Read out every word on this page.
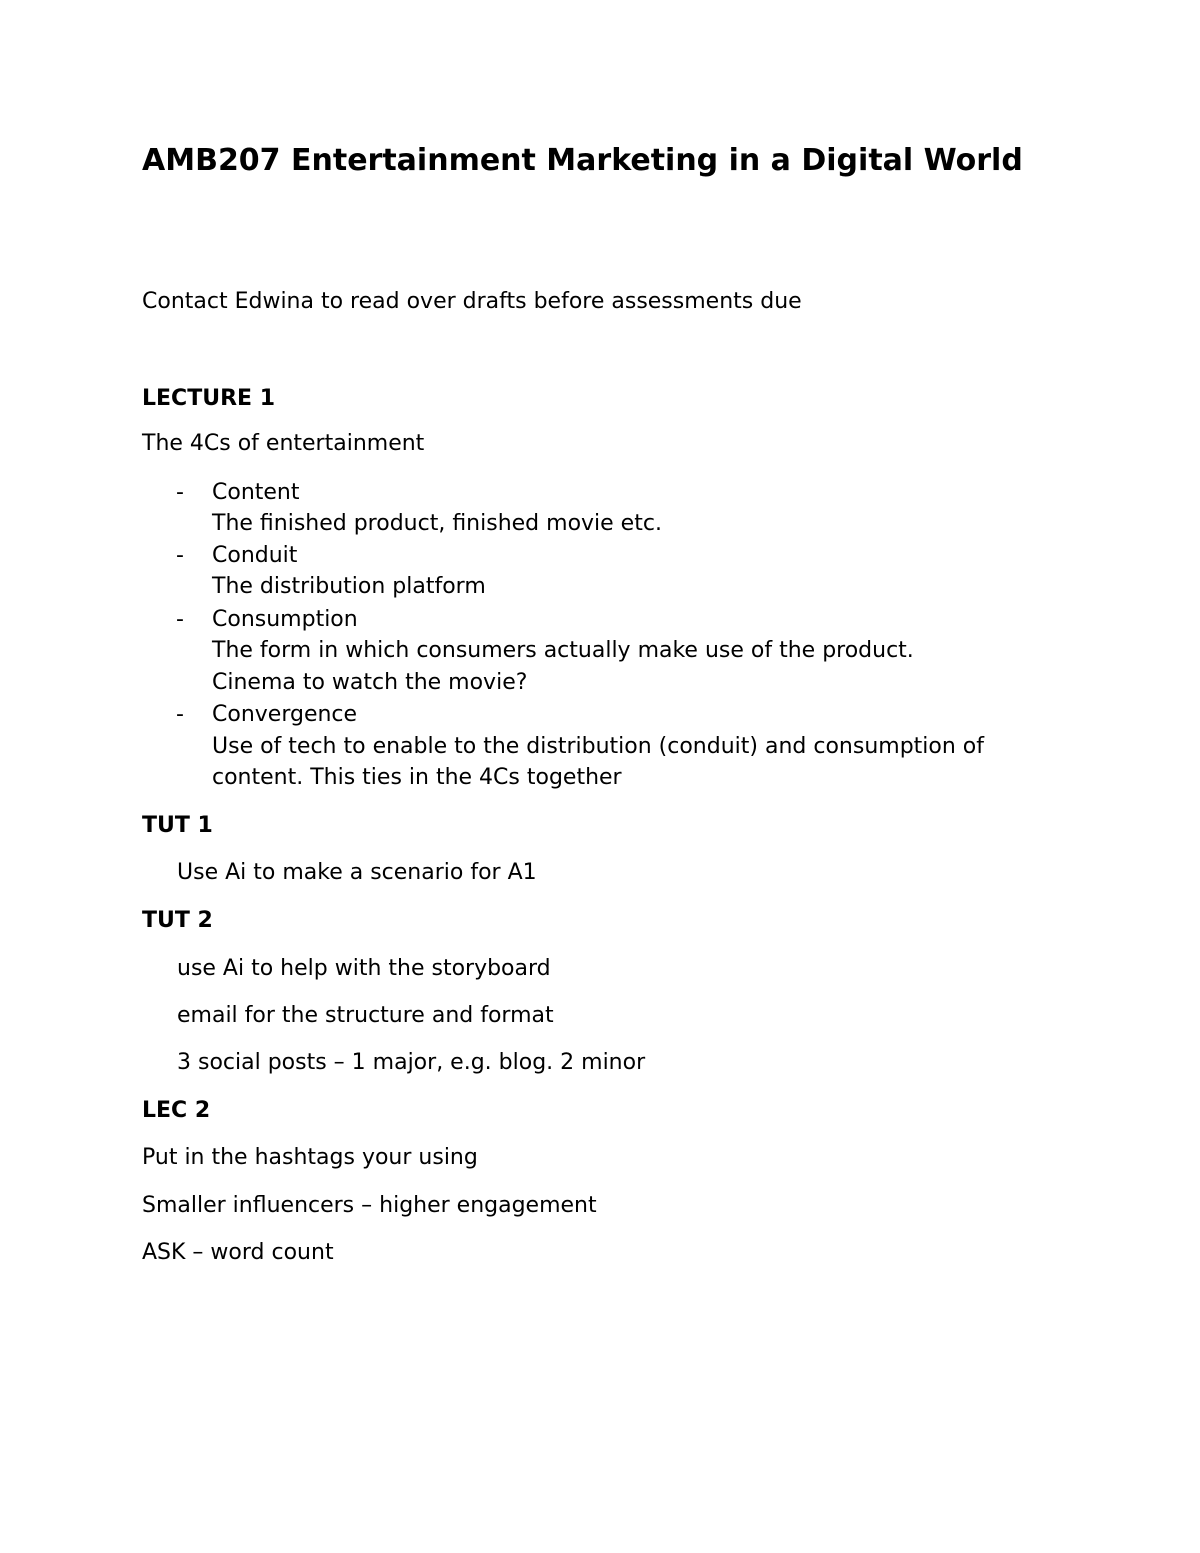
AMB207 Entertainment Marketing in a Digital World
Contact Edwina to read over drafts before assessments due
LECTURE 1
The 4Cs of entertainment
- Content
The finished product, finished movie etc.
- Conduit
The distribution platform
- Consumption
The form in which consumers actually make use of the product.
Cinema to watch the movie?
- Convergence
Use of tech to enable to the distribution (conduit) and consumption of
content. This ties in the 4Cs together
TUT 1
Use Ai to make a scenario for A1
TUT 2
use Ai to help with the storyboard
email for the structure and format
3 social posts – 1 major, e.g. blog. 2 minor
LEC 2
Put in the hashtags your using
Smaller influencers – higher engagement
ASK – word count
